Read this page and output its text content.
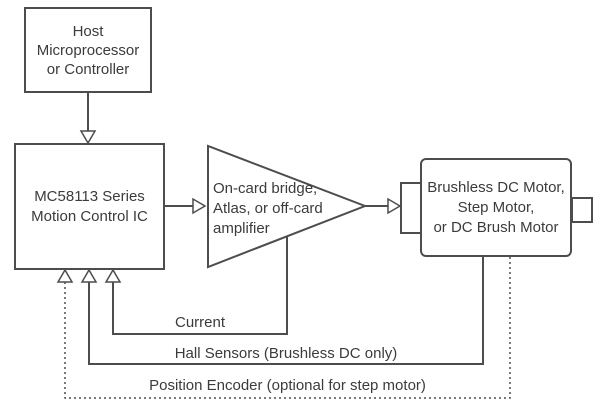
Host
Microprocessor
or Controller
MC58113 Series
Motion Control IC
On-card bridge,
Atlas, or off-card
amplifier
Brushless DC Motor,
Step Motor,
or DC Brush Motor
Current
Hall Sensors (Brushless DC only)
Position Encoder (optional for step motor)
